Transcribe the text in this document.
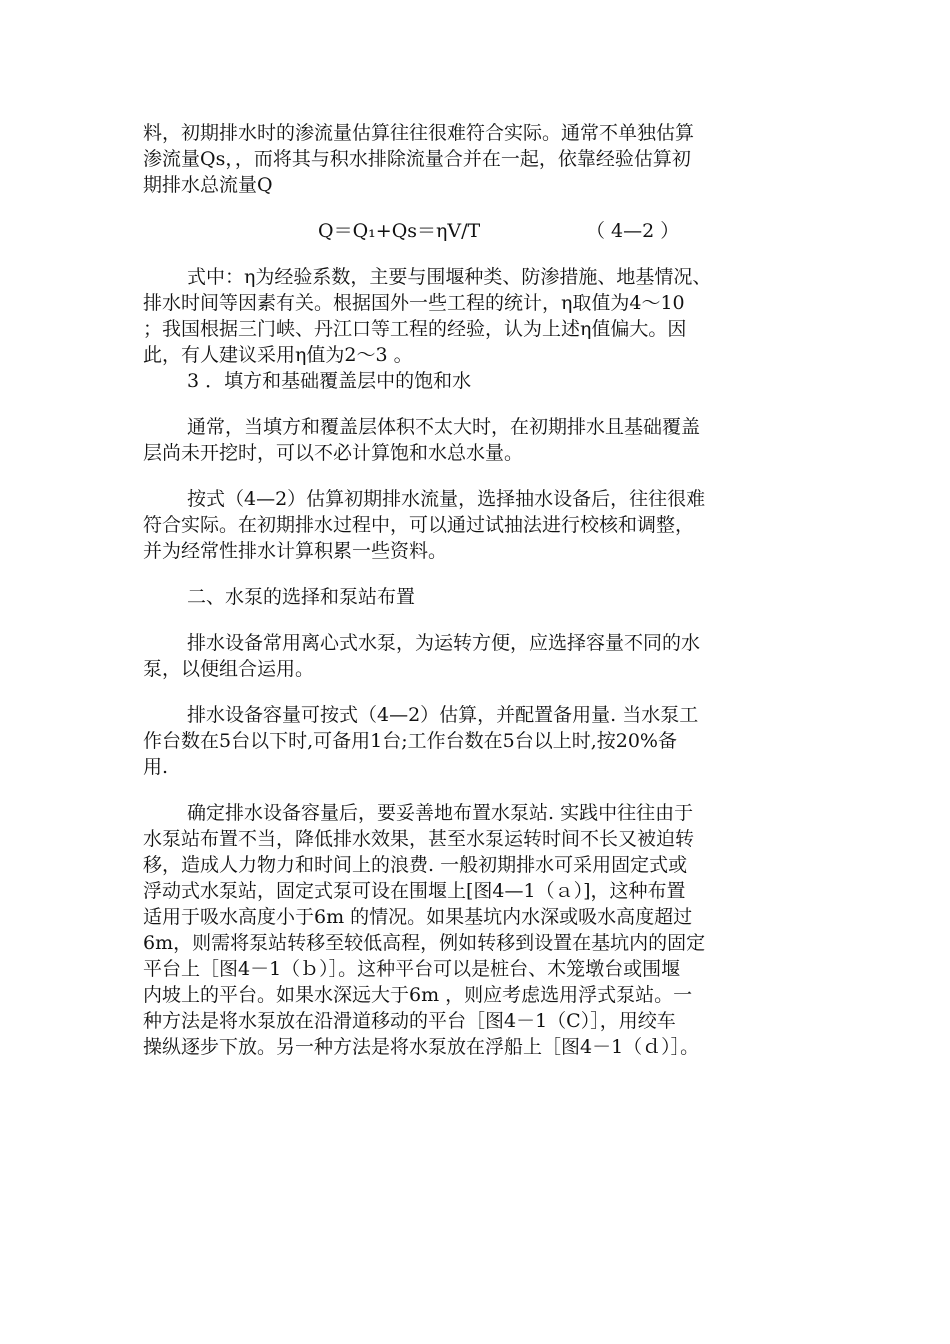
料，初期排水时的渗流量估算往往很难符合实际。通常不单独估算
渗流量Qs，，而将其与积水排除流量合并在一起，依靠经验估算初
期排水总流量Q

Q＝Q₁+Qs＝ηV/T	（ 4—2 ）

式中：η为经验系数，主要与围堰种类、防渗措施、地基情况、
排水时间等因素有关。根据国外一些工程的统计，η取值为4～10
；我国根据三门峡、丹江口等工程的经验，认为上述η值偏大。因
此，有人建议采用η值为2～3 。
3 ．填方和基础覆盖层中的饱和水

通常，当填方和覆盖层体积不太大时，在初期排水且基础覆盖
层尚未开挖时，可以不必计算饱和水总水量。

按式（4—2）估算初期排水流量，选择抽水设备后，往往很难
符合实际。在初期排水过程中，可以通过试抽法进行校核和调整，
并为经常性排水计算积累一些资料。

二、水泵的选择和泵站布置

排水设备常用离心式水泵，为运转方便，应选择容量不同的水
泵，以便组合运用。

排水设备容量可按式（4—2）估算，并配置备用量. 当水泵工
作台数在5台以下时,可备用1台;工作台数在5台以上时,按20%备
用.

确定排水设备容量后，要妥善地布置水泵站. 实践中往往由于
水泵站布置不当，降低排水效果，甚至水泵运转时间不长又被迫转
移，造成人力物力和时间上的浪费. 一般初期排水可采用固定式或
浮动式水泵站，固定式泵可设在围堰上[图4—1（ａ）]，这种布置
适用于吸水高度小于6m 的情况。如果基坑内水深或吸水高度超过
6m，则需将泵站转移至较低高程，例如转移到设置在基坑内的固定
平台上［图4－1（ｂ）］。这种平台可以是桩台、木笼墩台或围堰
内坡上的平台。如果水深远大于6m ，则应考虑选用浮式泵站。一
种方法是将水泵放在沿滑道移动的平台［图4－1（C）］，用绞车
操纵逐步下放。另一种方法是将水泵放在浮船上［图4－1（ｄ）］。
